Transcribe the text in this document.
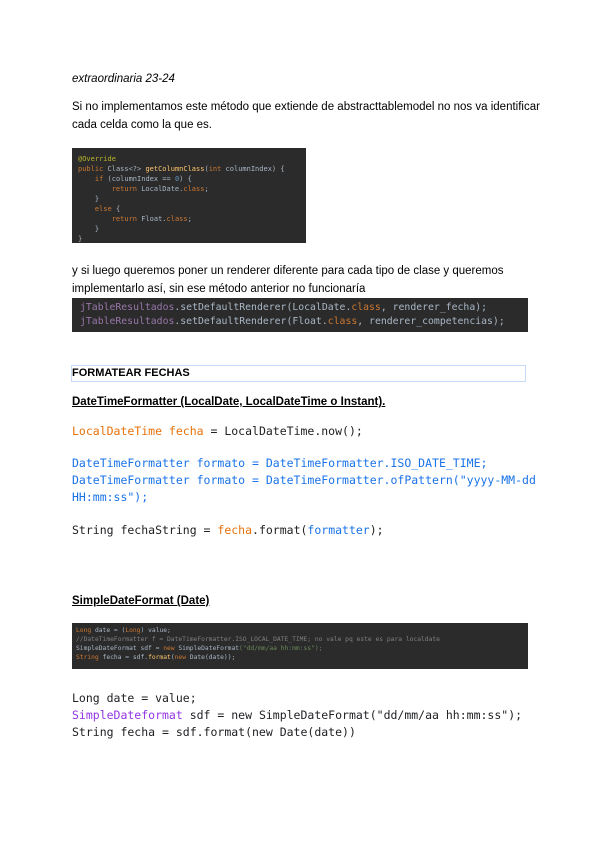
extraordinaria 23-24
Si no implementamos este método que extiende de abstracttablemodel no nos va identificar
cada celda como la que es.
@Override
public Class<?> getColumnClass(int columnIndex) {
if (columnIndex == 0) {
return LocalDate.class;
}
else {
return Float.class;
}
}
y si luego queremos poner un renderer diferente para cada tipo de clase y queremos
implementarlo así, sin ese método anterior no funcionaría
jTableResultados.setDefaultRenderer(LocalDate.class, renderer_fecha);
jTableResultados.setDefaultRenderer(Float.class, renderer_competencias);
FORMATEAR FECHAS
DateTimeFormatter (LocalDate, LocalDateTime o Instant).
LocalDateTime fecha = LocalDateTime.now();
DateTimeFormatter formato = DateTimeFormatter.ISO_DATE_TIME;
DateTimeFormatter formato = DateTimeFormatter.ofPattern("yyyy-MM-dd
HH:mm:ss");
String fechaString = fecha.format(formatter);
SimpleDateFormat (Date)
Long date = (Long) value;
//DateTimeFormatter f = DateTimeFormatter.ISO_LOCAL_DATE_TIME; no vale pq este es para localdate
SimpleDateFormat sdf = new SimpleDateFormat("dd/mm/aa hh:mm:ss");
String fecha = sdf.format(new Date(date));
Long date = value;
SimpleDateformat sdf = new SimpleDateFormat("dd/mm/aa hh:mm:ss");
String fecha = sdf.format(new Date(date))
